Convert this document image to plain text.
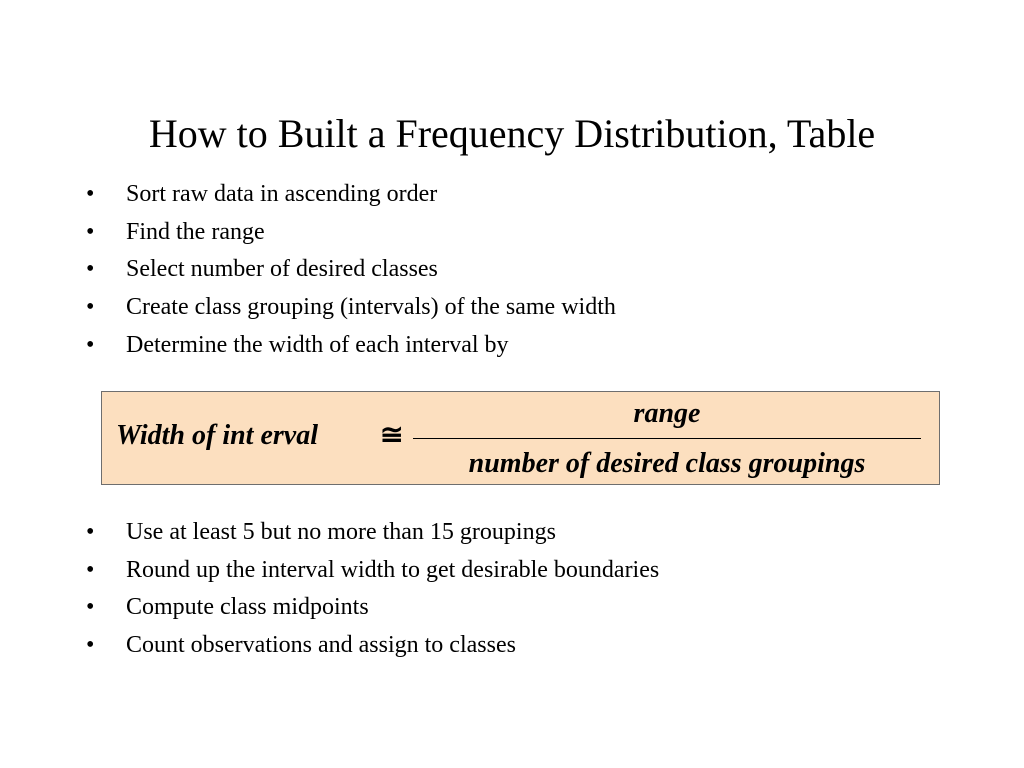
How to Built a Frequency Distribution, Table
• Sort raw data in ascending order
• Find the range
• Select number of desired classes
• Create class grouping (intervals) of the same width
• Determine the width of each interval by
Width of int erval ≅
range
number of desired class groupings
• Use at least 5 but no more than 15 groupings
• Round up the interval width to get desirable boundaries
• Compute class midpoints
• Count observations and assign to classes
